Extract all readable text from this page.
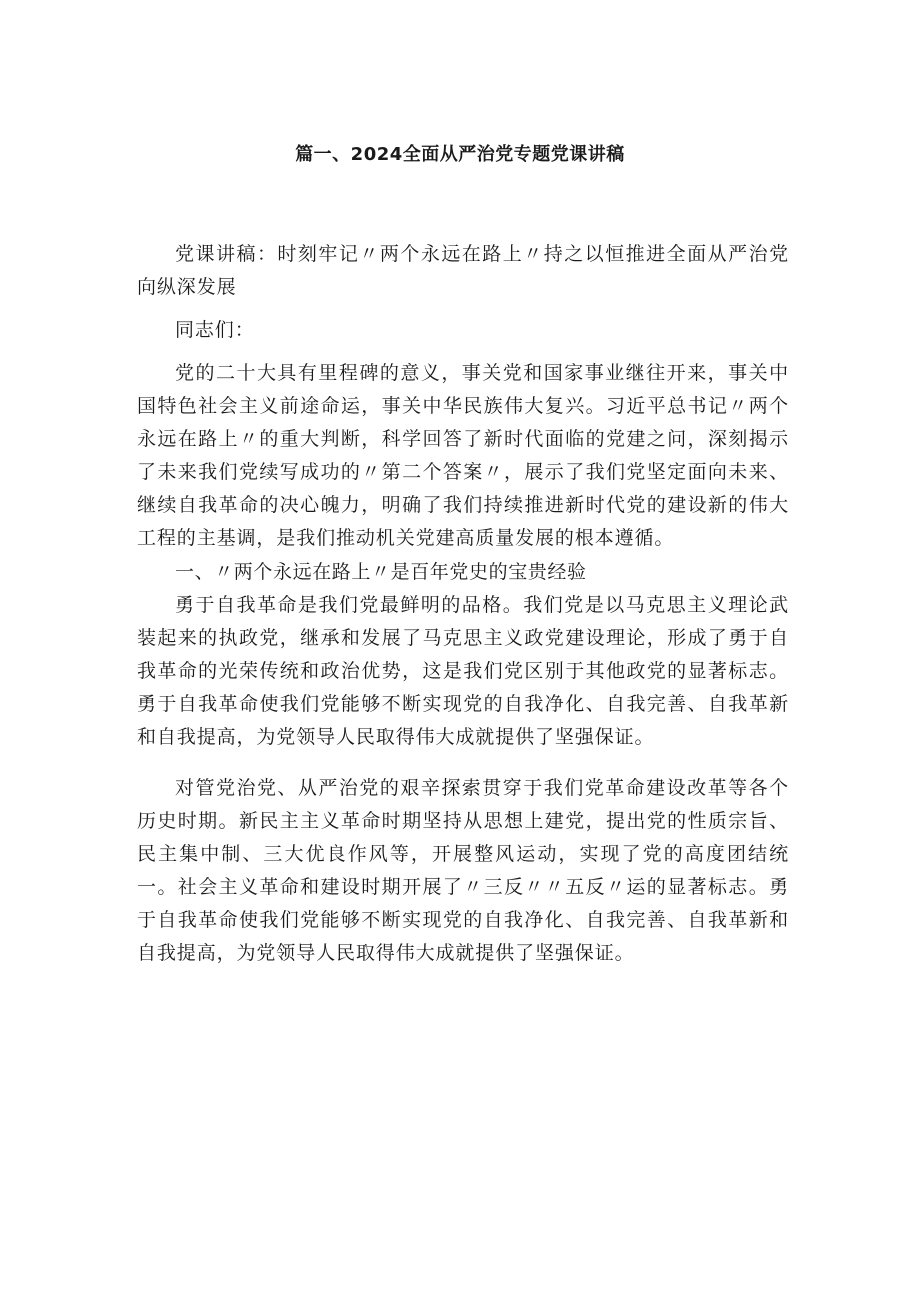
篇一、2024全面从严治党专题党课讲稿

党课讲稿：时刻牢记〃两个永远在路上〃持之以恒推进全面从严治党向纵深发展

同志们：

党的二十大具有里程碑的意义，事关党和国家事业继往开来，事关中国特色社会主义前途命运，事关中华民族伟大复兴。习近平总书记〃两个永远在路上〃的重大判断，科学回答了新时代面临的党建之问，深刻揭示了未来我们党续写成功的〃第二个答案〃，展示了我们党坚定面向未来、继续自我革命的决心魄力，明确了我们持续推进新时代党的建设新的伟大工程的主基调，是我们推动机关党建高质量发展的根本遵循。

一、〃两个永远在路上〃是百年党史的宝贵经验

勇于自我革命是我们党最鲜明的品格。我们党是以马克思主义理论武装起来的执政党，继承和发展了马克思主义政党建设理论，形成了勇于自我革命的光荣传统和政治优势，这是我们党区别于其他政党的显著标志。勇于自我革命使我们党能够不断实现党的自我净化、自我完善、自我革新和自我提高，为党领导人民取得伟大成就提供了坚强保证。

对管党治党、从严治党的艰辛探索贯穿于我们党革命建设改革等各个历史时期。新民主主义革命时期坚持从思想上建党，提出党的性质宗旨、民主集中制、三大优良作风等，开展整风运动，实现了党的高度团结统一。社会主义革命和建设时期开展了〃三反〃〃五反〃运的显著标志。勇于自我革命使我们党能够不断实现党的自我净化、自我完善、自我革新和自我提高，为党领导人民取得伟大成就提供了坚强保证。
